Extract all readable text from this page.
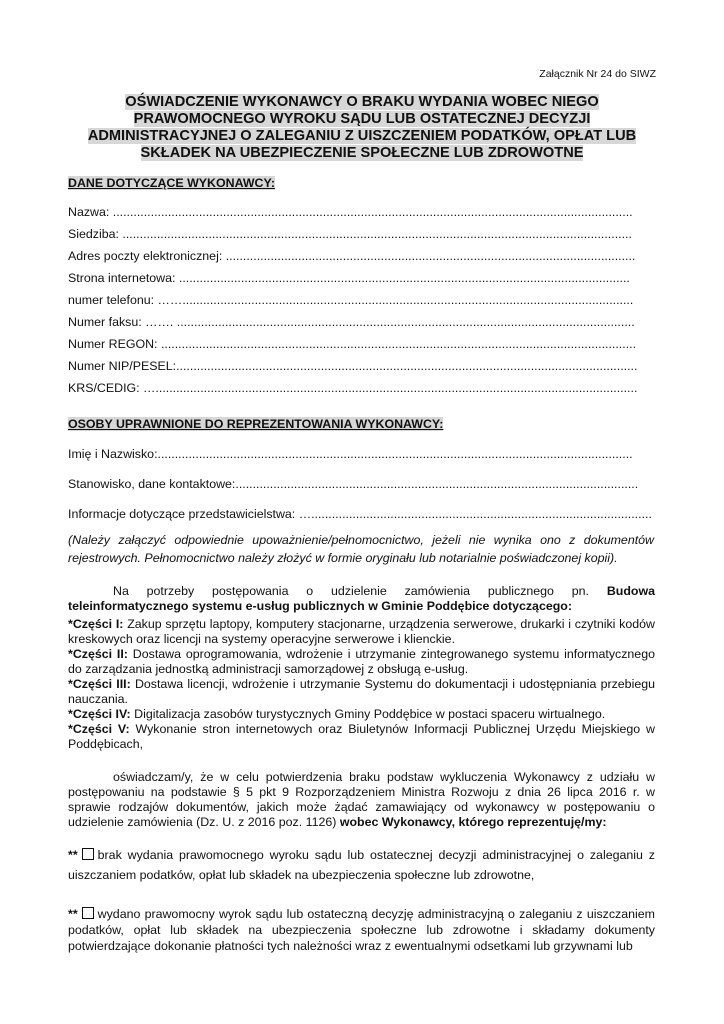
Załącznik Nr 24 do SIWZ
OŚWIADCZENIE WYKONAWCY O BRAKU WYDANIA WOBEC NIEGO
PRAWOMOCNEGO WYROKU SĄDU LUB OSTATECZNEJ DECYZJI
ADMINISTRACYJNEJ O ZALEGANIU Z UISZCZENIEM PODATKÓW, OPŁAT LUB
SKŁADEK NA UBEZPIECZENIE SPOŁECZNE LUB ZDROWOTNE
DANE DOTYCZĄCE WYKONAWCY:
Nazwa: .......................................................................................................................................................
Siedziba: ....................................................................................................................................................
Adres poczty elektronicznej: .......................................................................................................................
Strona internetowa: ...................................................................................................................................
numer telefonu: ……...................................................................................................................................
Numer faksu: ……. .....................................................................................................................................
Numer REGON: ..........................................................................................................................................
Numer NIP/PESEL:......................................................................................................................................
KRS/CEDIG: …............................................................................................................................................
OSOBY UPRAWNIONE DO REPREZENTOWANIA WYKONAWCY:
Imię i Nazwisko:..........................................................................................................................................
Stanowisko, dane kontaktowe:.....................................................................................................................
Informacje dotyczące przedstawicielstwa: …...................................................................................................
(Należy załączyć odpowiednie upoważnienie/pełnomocnictwo, jeżeli nie wynika ono z dokumentów rejestrowych. Pełnomocnictwo należy złożyć w formie oryginału lub notarialnie poświadczonej kopii).
Na potrzeby postępowania o udzielenie zamówienia publicznego pn. Budowa teleinformatycznego systemu e-usług publicznych w Gminie Poddębice dotyczącego:
*Części I: Zakup sprzętu laptopy, komputery stacjonarne, urządzenia serwerowe, drukarki i czytniki kodów kreskowych oraz licencji na systemy operacyjne serwerowe i klienckie.
*Części II: Dostawa oprogramowania, wdrożenie i utrzymanie zintegrowanego systemu informatycznego do zarządzania jednostką administracji samorządowej z obsługą e-usług.
*Części III: Dostawa licencji, wdrożenie i utrzymanie Systemu do dokumentacji i udostępniania przebiegu nauczania.
*Części IV: Digitalizacja zasobów turystycznych Gminy Poddębice w postaci spaceru wirtualnego.
*Części V: Wykonanie stron internetowych oraz Biuletynów Informacji Publicznej Urzędu Miejskiego w Poddębicach,
oświadczam/y, że w celu potwierdzenia braku podstaw wykluczenia Wykonawcy z udziału w postępowaniu na podstawie § 5 pkt 9 Rozporządzeniem Ministra Rozwoju z dnia 26 lipca 2016 r. w sprawie rodzajów dokumentów, jakich może żądać zamawiający od wykonawcy w postępowaniu o udzielenie zamówienia (Dz. U. z 2016 poz. 1126) wobec Wykonawcy, którego reprezentuję/my:
** brak wydania prawomocnego wyroku sądu lub ostatecznej decyzji administracyjnej o zaleganiu z uiszczaniem podatków, opłat lub składek na ubezpieczenia społeczne lub zdrowotne,
** wydano prawomocny wyrok sądu lub ostateczną decyzję administracyjną o zaleganiu z uiszczaniem podatków, opłat lub składek na ubezpieczenia społeczne lub zdrowotne i składamy dokumenty potwierdzające dokonanie płatności tych należności wraz z ewentualnymi odsetkami lub grzywnami lub
